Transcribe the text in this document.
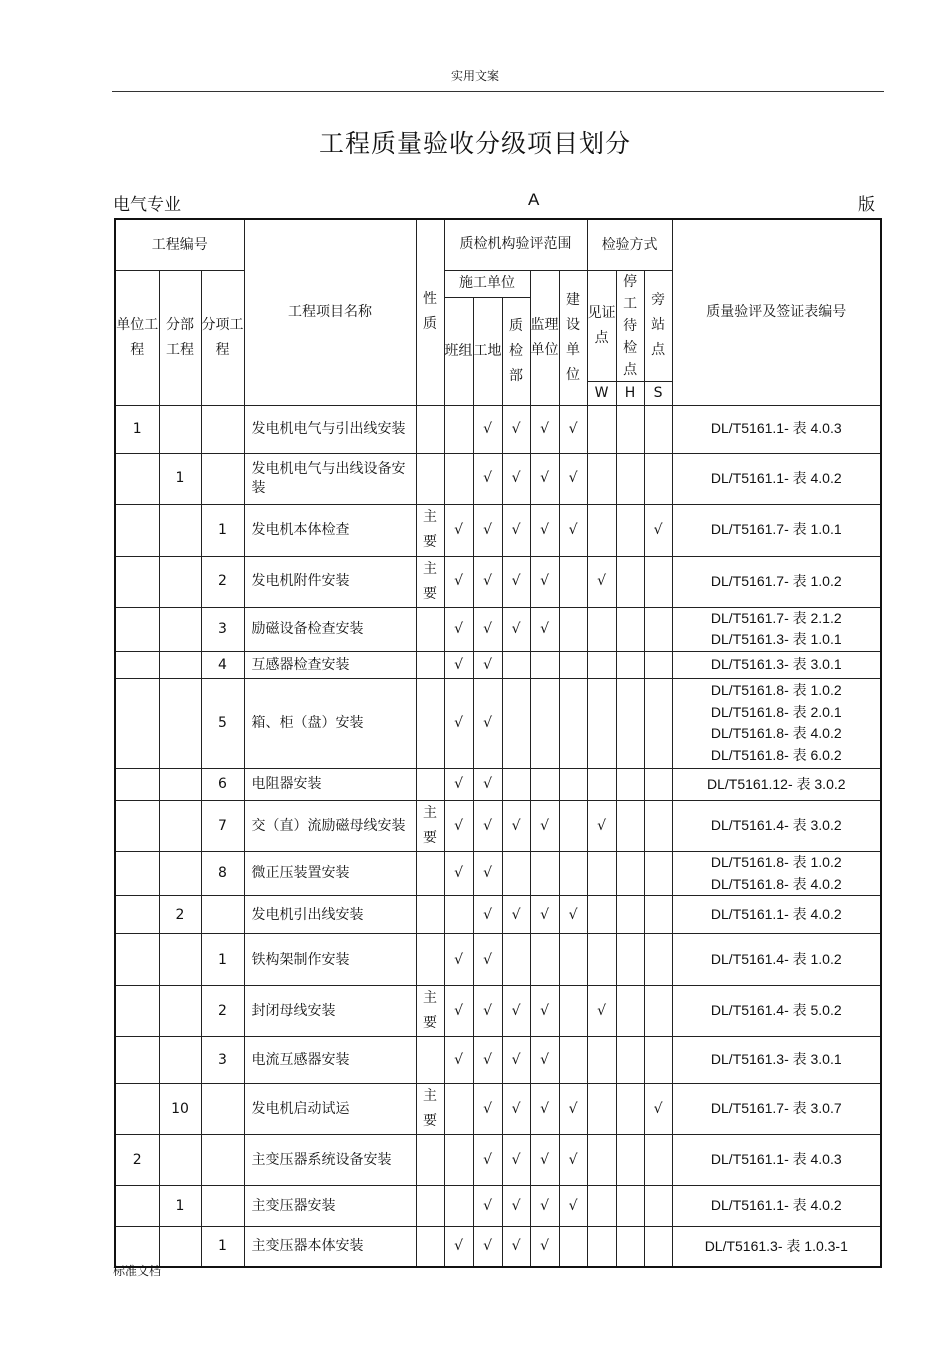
实用文案
工程质量验收分级项目划分
电气专业	A	版
工程编号			工程项目名称	性质	质检机构验评范围					检验方式			质量验评及签证表编号
单位工程	分部工程	分项工程			施工单位			监理单位	建设单位	见证点	停工待检点	旁站点	
					班组	工地	质检部						
										W	H	S	
1			发电机电气与引出线安装			√	√	√	√				DL/T5161.1- 表 4.0.3
	1		发电机电气与出线设备安装			√	√	√	√				DL/T5161.1- 表 4.0.2
		1	发电机本体检查	主要	√	√	√	√	√			√	DL/T5161.7- 表 1.0.1
		2	发电机附件安装	主要	√	√	√	√		√			DL/T5161.7- 表 1.0.2
		3	励磁设备检查安装		√	√	√	√					DL/T5161.7- 表 2.1.2
DL/T5161.3- 表 1.0.1
		4	互感器检查安装		√	√							DL/T5161.3- 表 3.0.1
		5	箱、柜（盘）安装		√	√							DL/T5161.8- 表 1.0.2
DL/T5161.8- 表 2.0.1
DL/T5161.8- 表 4.0.2
DL/T5161.8- 表 6.0.2
		6	电阻器安装		√	√							DL/T5161.12- 表 3.0.2
		7	交（直）流励磁母线安装	主要	√	√	√	√		√			DL/T5161.4- 表 3.0.2
		8	微正压装置安装		√	√							DL/T5161.8- 表 1.0.2
DL/T5161.8- 表 4.0.2
	2		发电机引出线安装			√	√	√	√				DL/T5161.1- 表 4.0.2
		1	铁构架制作安装		√	√							DL/T5161.4- 表 1.0.2
		2	封闭母线安装	主要	√	√	√	√		√			DL/T5161.4- 表 5.0.2
		3	电流互感器安装		√	√	√	√					DL/T5161.3- 表 3.0.1
	10		发电机启动试运	主要		√	√	√	√			√	DL/T5161.7- 表 3.0.7
2			主变压器系统设备安装			√	√	√	√				DL/T5161.1- 表 4.0.3
	1		主变压器安装			√	√	√	√				DL/T5161.1- 表 4.0.2
		1	主变压器本体安装		√	√	√	√					DL/T5161.3- 表 1.0.3-1
标准文档
